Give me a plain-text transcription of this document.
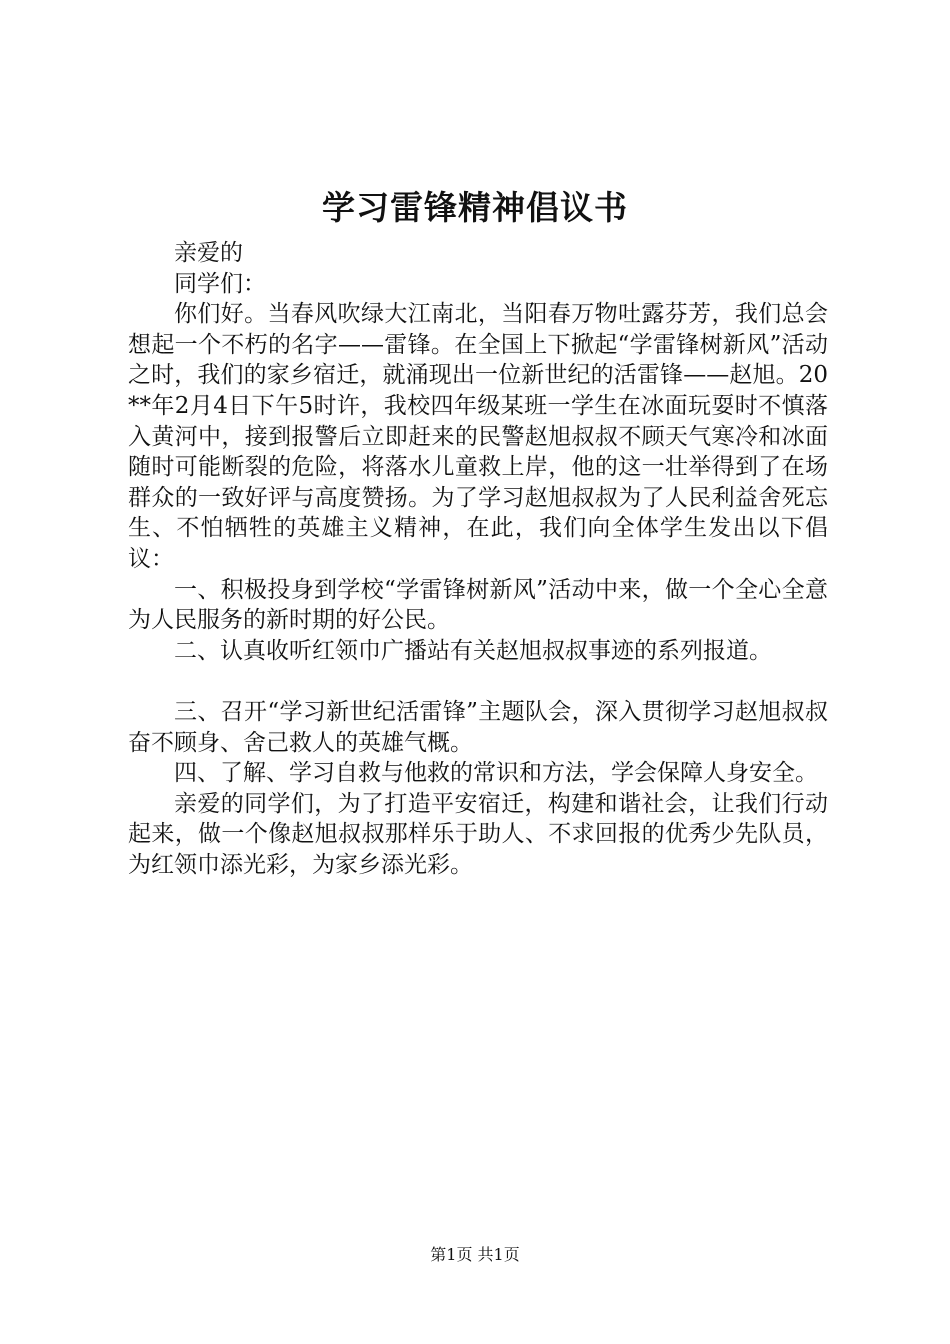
学习雷锋精神倡议书

亲爱的

同学们：

你们好。当春风吹绿大江南北，当阳春万物吐露芬芳，我们总会想起一个不朽的名字——雷锋。在全国上下掀起“学雷锋树新风”活动之时，我们的家乡宿迁，就涌现出一位新世纪的活雷锋——赵旭。20**年2月4日下午5时许，我校四年级某班一学生在冰面玩耍时不慎落入黄河中，接到报警后立即赶来的民警赵旭叔叔不顾天气寒冷和冰面随时可能断裂的危险，将落水儿童救上岸，他的这一壮举得到了在场群众的一致好评与高度赞扬。为了学习赵旭叔叔为了人民利益舍死忘生、不怕牺牲的英雄主义精神，在此，我们向全体学生发出以下倡议：

一、积极投身到学校“学雷锋树新风”活动中来，做一个全心全意为人民服务的新时期的好公民。

二、认真收听红领巾广播站有关赵旭叔叔事迹的系列报道。

三、召开“学习新世纪活雷锋”主题队会，深入贯彻学习赵旭叔叔奋不顾身、舍己救人的英雄气概。

四、了解、学习自救与他救的常识和方法，学会保障人身安全。

亲爱的同学们，为了打造平安宿迁，构建和谐社会，让我们行动起来，做一个像赵旭叔叔那样乐于助人、不求回报的优秀少先队员，为红领巾添光彩，为家乡添光彩。

第1页 共1页
